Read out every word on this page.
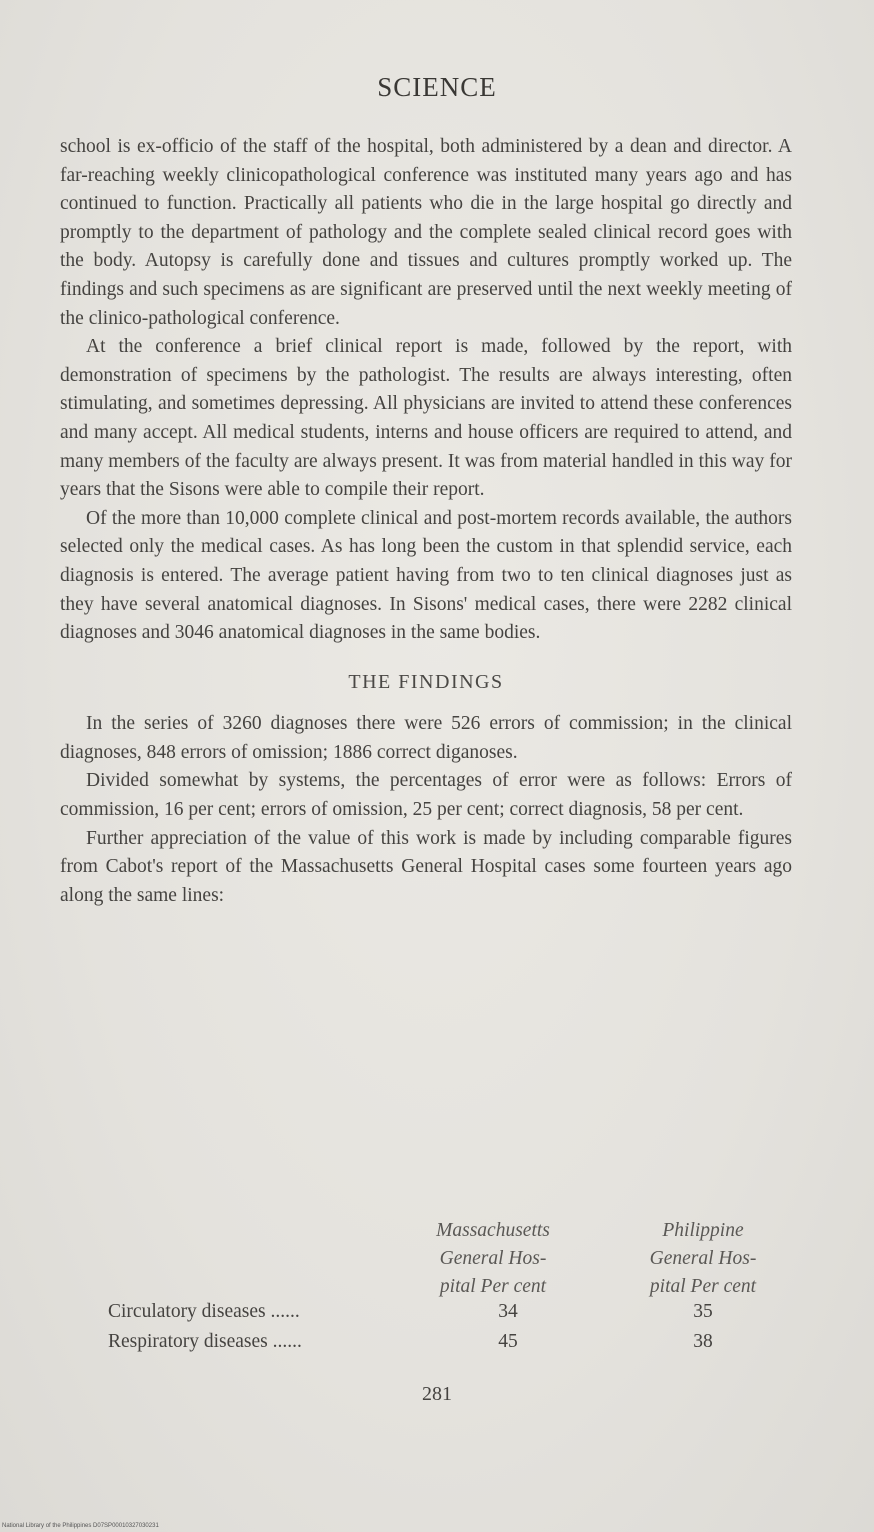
SCIENCE

school is ex-officio of the staff of the hospital, both administered by a dean and director. A far-reaching weekly clinicopathological conference was instituted many years ago and has continued to function. Practically all patients who die in the large hospital go directly and promptly to the department of pathology and the complete sealed clinical record goes with the body. Autopsy is carefully done and tissues and cultures promptly worked up. The findings and such specimens as are significant are preserved until the next weekly meeting of the clinico-pathological conference.

At the conference a brief clinical report is made, followed by the report, with demonstration of specimens by the pathologist. The results are always interesting, often stimulating, and sometimes depressing. All physicians are invited to attend these conferences and many accept. All medical students, interns and house officers are required to attend, and many members of the faculty are always present. It was from material handled in this way for years that the Sisons were able to compile their report.

Of the more than 10,000 complete clinical and post-mortem records available, the authors selected only the medical cases. As has long been the custom in that splendid service, each diagnosis is entered. The average patient having from two to ten clinical diagnoses just as they have several anatomical diagnoses. In Sisons' medical cases, there were 2282 clinical diagnoses and 3046 anatomical diagnoses in the same bodies.

THE FINDINGS

In the series of 3260 diagnoses there were 526 errors of commission; in the clinical diagnoses, 848 errors of omission; 1886 correct diganoses.

Divided somewhat by systems, the percentages of error were as follows: Errors of commission, 16 per cent; errors of omission, 25 per cent; correct diagnosis, 58 per cent.

Further appreciation of the value of this work is made by including comparable figures from Cabot's report of the Massachusetts General Hospital cases some fourteen years ago along the same lines:

Massachusetts
General Hos-
pital Per cent
Philippine
General Hos-
pital Per cent
Circulatory diseases ......	34	35
Respiratory diseases ......	45	38
281
National Library of the Philippines D07SP00010327030231
